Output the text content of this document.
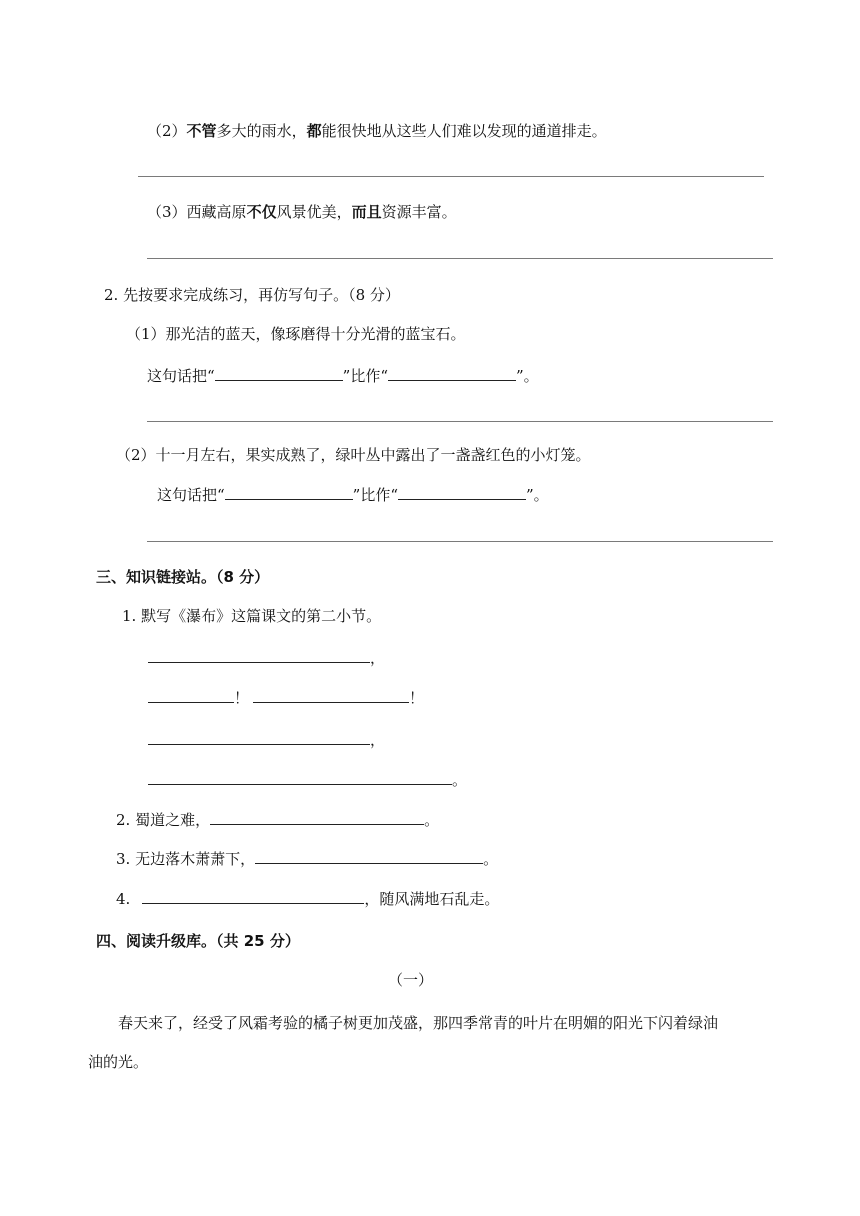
（2）不管多大的雨水，都能很快地从这些人们难以发现的通道排走。
（3）西藏高原不仅风景优美，而且资源丰富。
2. 先按要求完成练习，再仿写句子。（8 分）
（1）那光洁的蓝天，像琢磨得十分光滑的蓝宝石。
这句话把“	”比作“	”。
（2）十一月左右，果实成熟了，绿叶丛中露出了一盏盏红色的小灯笼。
这句话把“	”比作“	”。
三、知识链接站。（8 分）
1. 默写《瀑布》这篇课文的第二小节。
，
！	！
，
。
2. 蜀道之难，	。
3. 无边落木萧萧下，	。
4.	，随风满地石乱走。
四、阅读升级库。（共 25 分）
（一）
春天来了，经受了风霜考验的橘子树更加茂盛，那四季常青的叶片在明媚的阳光下闪着绿油
油的光。
